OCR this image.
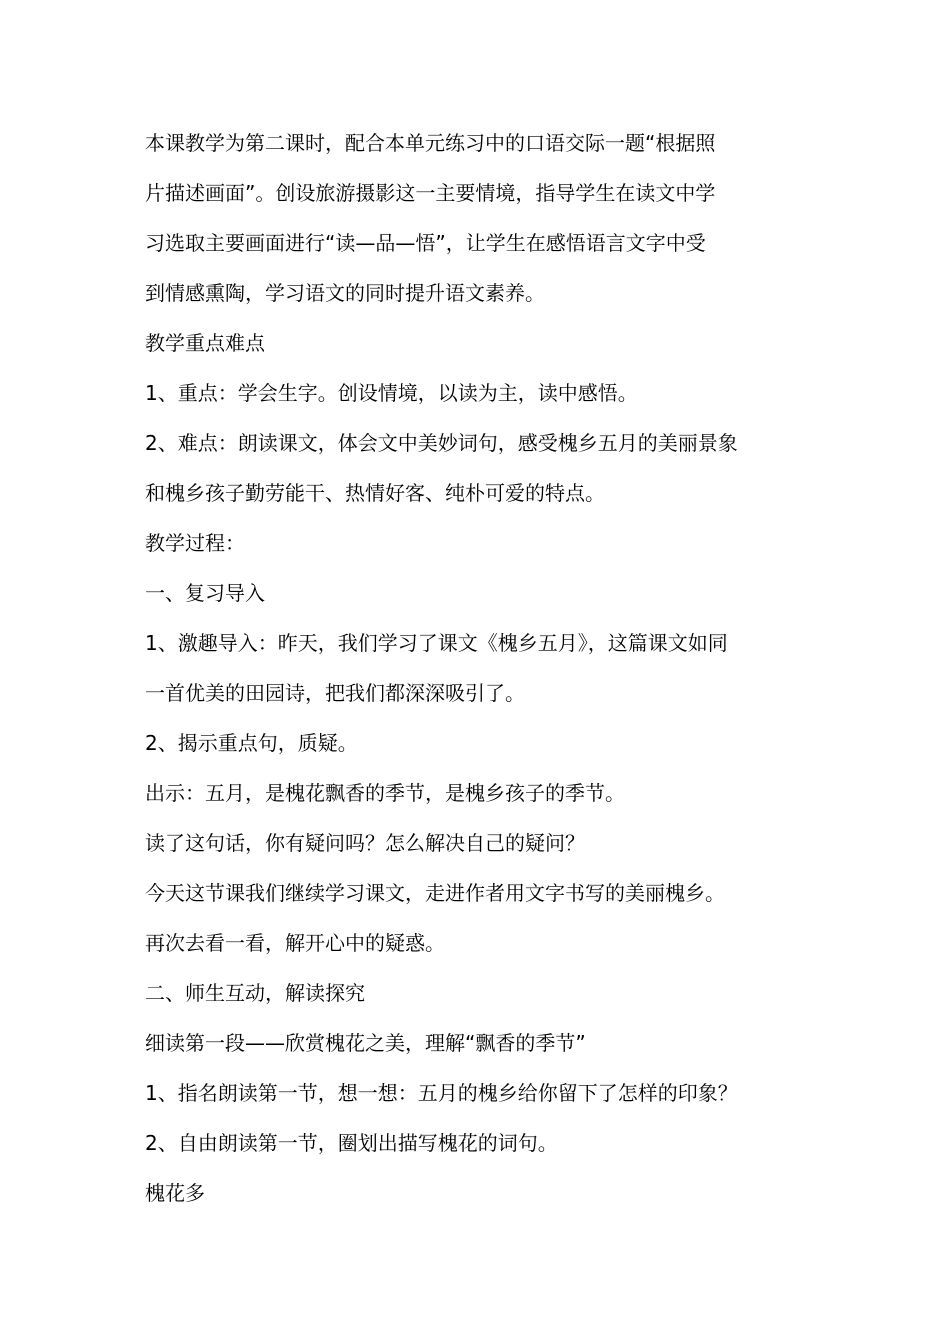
本课教学为第二课时，配合本单元练习中的口语交际一题“根据照
片描述画面”。创设旅游摄影这一主要情境，指导学生在读文中学
习选取主要画面进行“读—品—悟”，让学生在感悟语言文字中受
到情感熏陶，学习语文的同时提升语文素养。
教学重点难点
1、重点：学会生字。创设情境，以读为主，读中感悟。
2、难点：朗读课文，体会文中美妙词句，感受槐乡五月的美丽景象
和槐乡孩子勤劳能干、热情好客、纯朴可爱的特点。
教学过程：
一、复习导入
1、激趣导入：昨天，我们学习了课文《槐乡五月》，这篇课文如同
一首优美的田园诗，把我们都深深吸引了。
2、揭示重点句，质疑。
出示：五月，是槐花飘香的季节，是槐乡孩子的季节。
读了这句话，你有疑问吗？怎么解决自己的疑问？
今天这节课我们继续学习课文，走进作者用文字书写的美丽槐乡。
再次去看一看，解开心中的疑惑。
二、师生互动，解读探究
细读第一段——欣赏槐花之美，理解“飘香的季节”
1、指名朗读第一节，想一想：五月的槐乡给你留下了怎样的印象？
2、自由朗读第一节，圈划出描写槐花的词句。
槐花多
